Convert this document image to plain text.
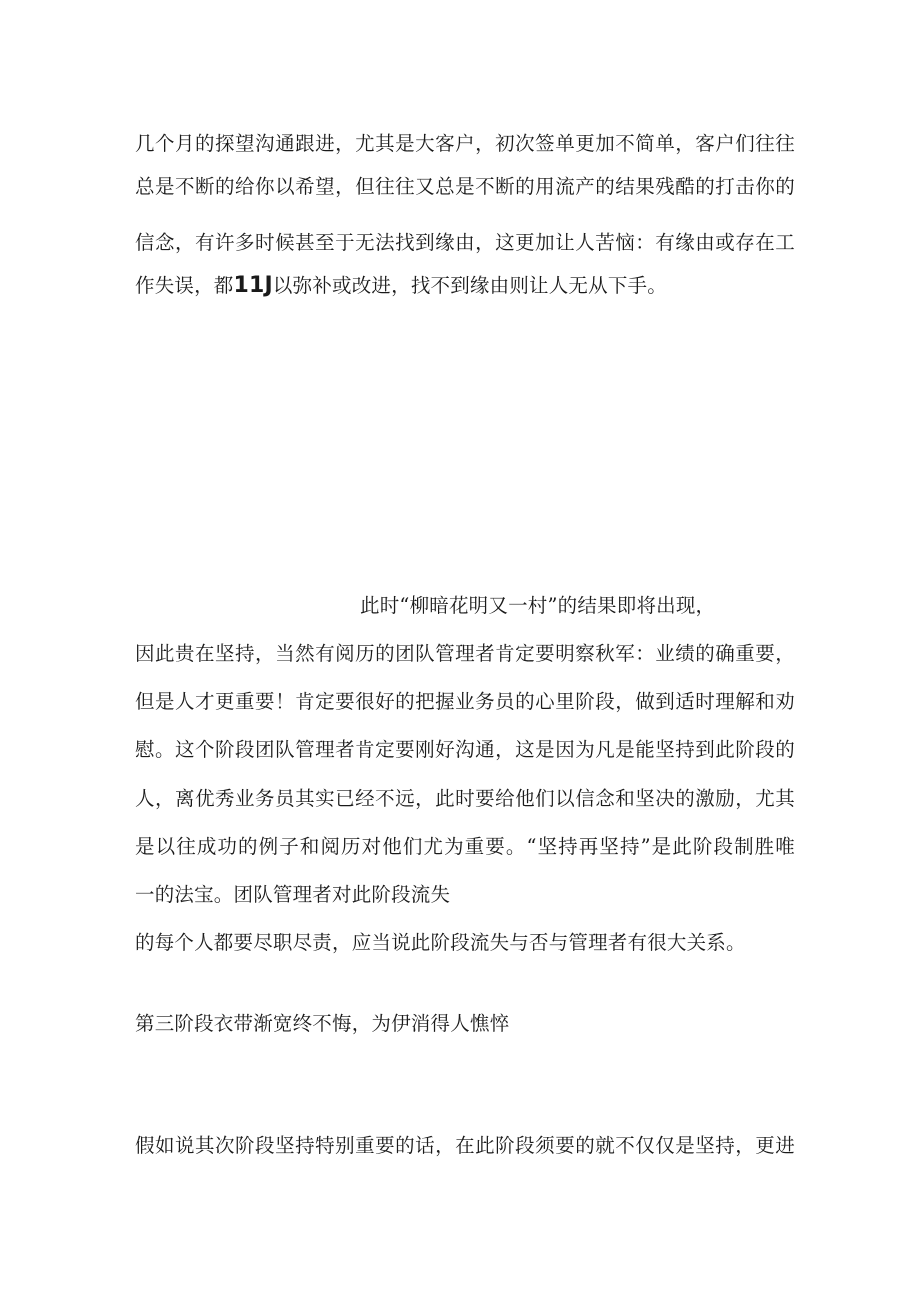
几个月的探望沟通跟进，尤其是大客户，初次签单更加不简单，客户们往往
总是不断的给你以希望，但往往又总是不断的用流产的结果残酷的打击你的
信念，有许多时候甚至于无法找到缘由，这更加让人苦恼：有缘由或存在工
作失误，都11J以弥补或改进，找不到缘由则让人无从下手。
此时“柳暗花明又一村”的结果即将出现，
因此贵在坚持，当然有阅历的团队管理者肯定要明察秋军：业绩的确重要，
但是人才更重要！肯定要很好的把握业务员的心里阶段，做到适时理解和劝
慰。这个阶段团队管理者肯定要刚好沟通，这是因为凡是能坚持到此阶段的
人，离优秀业务员其实已经不远，此时要给他们以信念和坚决的激励，尤其
是以往成功的例子和阅历对他们尤为重要。“坚持再坚持”是此阶段制胜唯
一的法宝。团队管理者对此阶段流失
的每个人都要尽职尽责，应当说此阶段流失与否与管理者有很大关系。
第三阶段衣带渐宽终不悔，为伊消得人憔悴
假如说其次阶段坚持特别重要的话，在此阶段须要的就不仅仅是坚持，更进
